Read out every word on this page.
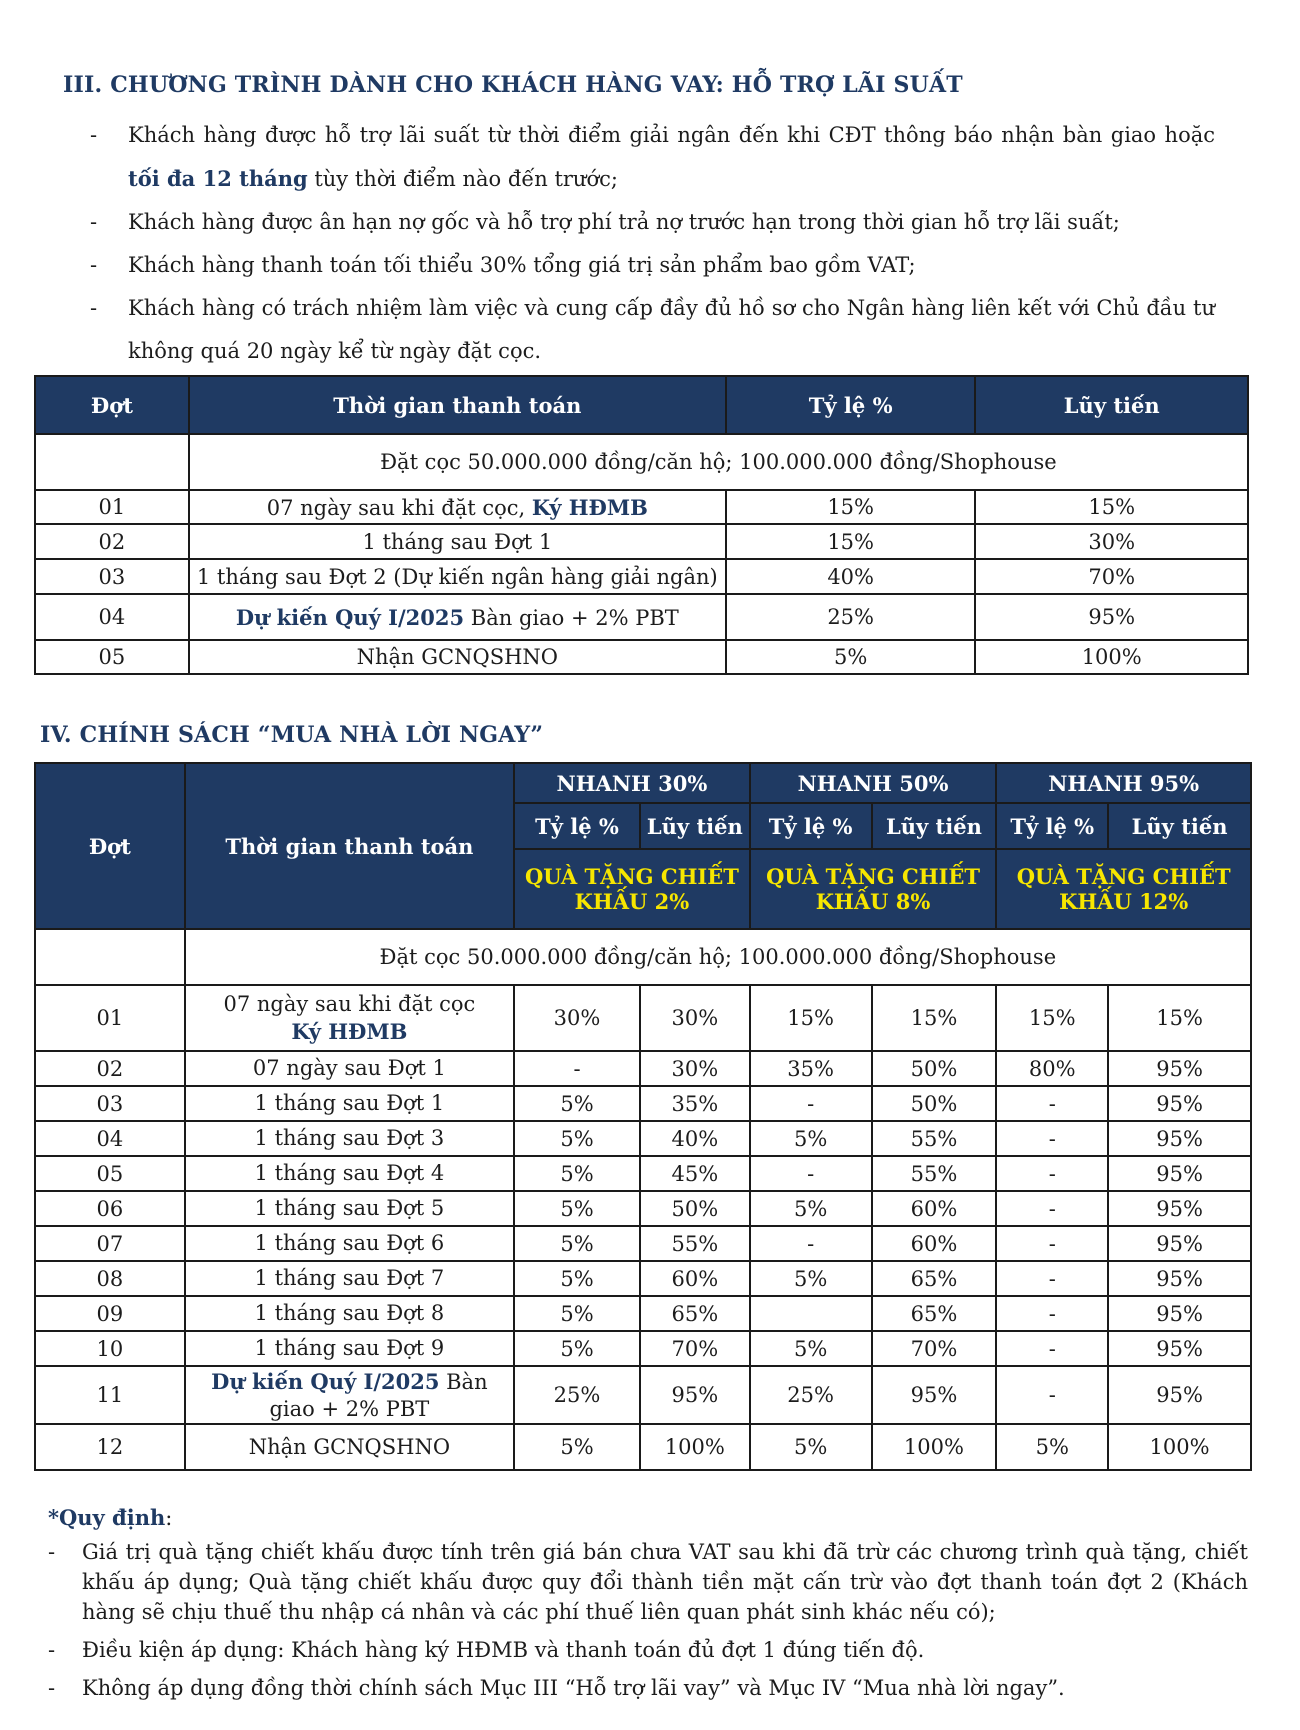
III. CHƯƠNG TRÌNH DÀNH CHO KHÁCH HÀNG VAY: HỖ TRỢ LÃI SUẤT
- Khách hàng được hỗ trợ lãi suất từ thời điểm giải ngân đến khi CĐT thông báo nhận bàn giao hoặc tối đa 12 tháng tùy thời điểm nào đến trước;
- Khách hàng được ân hạn nợ gốc và hỗ trợ phí trả nợ trước hạn trong thời gian hỗ trợ lãi suất;
- Khách hàng thanh toán tối thiểu 30% tổng giá trị sản phẩm bao gồm VAT;
- Khách hàng có trách nhiệm làm việc và cung cấp đầy đủ hồ sơ cho Ngân hàng liên kết với Chủ đầu tư không quá 20 ngày kể từ ngày đặt cọc.
Đợt	Thời gian thanh toán	Tỷ lệ %	Lũy tiến
	Đặt cọc 50.000.000 đồng/căn hộ; 100.000.000 đồng/Shophouse		
01	07 ngày sau khi đặt cọc, Ký HĐMB	15%	15%
02	1 tháng sau Đợt 1	15%	30%
03	1 tháng sau Đợt 2 (Dự kiến ngân hàng giải ngân)	40%	70%
04	Dự kiến Quý I/2025 Bàn giao + 2% PBT	25%	95%
05	Nhận GCNQSHNO	5%	100%
IV. CHÍNH SÁCH “MUA NHÀ LỜI NGAY”
Đợt	Thời gian thanh toán	NHANH 30%		NHANH 50%		NHANH 95%	
		Tỷ lệ %	Lũy tiến	Tỷ lệ %	Lũy tiến	Tỷ lệ %	Lũy tiến
		QUÀ TẶNG CHIẾT KHẤU 2%		QUÀ TẶNG CHIẾT KHẤU 8%		QUÀ TẶNG CHIẾT KHẤU 12%	
	Đặt cọc 50.000.000 đồng/căn hộ; 100.000.000 đồng/Shophouse						
01	07 ngày sau khi đặt cọc
Ký HĐMB	30%	30%	15%	15%	15%	15%
02	07 ngày sau Đợt 1	-	30%	35%	50%	80%	95%
03	1 tháng sau Đợt 1	5%	35%	-	50%	-	95%
04	1 tháng sau Đợt 3	5%	40%	5%	55%	-	95%
05	1 tháng sau Đợt 4	5%	45%	-	55%	-	95%
06	1 tháng sau Đợt 5	5%	50%	5%	60%	-	95%
07	1 tháng sau Đợt 6	5%	55%	-	60%	-	95%
08	1 tháng sau Đợt 7	5%	60%	5%	65%	-	95%
09	1 tháng sau Đợt 8	5%	65%		65%	-	95%
10	1 tháng sau Đợt 9	5%	70%	5%	70%	-	95%
11	Dự kiến Quý I/2025 Bàn giao + 2% PBT	25%	95%	25%	95%	-	95%
12	Nhận GCNQSHNO	5%	100%	5%	100%	5%	100%
*Quy định:
- Giá trị quà tặng chiết khấu được tính trên giá bán chưa VAT sau khi đã trừ các chương trình quà tặng, chiết khấu áp dụng; Quà tặng chiết khấu được quy đổi thành tiền mặt cấn trừ vào đợt thanh toán đợt 2 (Khách hàng sẽ chịu thuế thu nhập cá nhân và các phí thuế liên quan phát sinh khác nếu có);
- Điều kiện áp dụng: Khách hàng ký HĐMB và thanh toán đủ đợt 1 đúng tiến độ.
- Không áp dụng đồng thời chính sách Mục III “Hỗ trợ lãi vay” và Mục IV “Mua nhà lời ngay”.
